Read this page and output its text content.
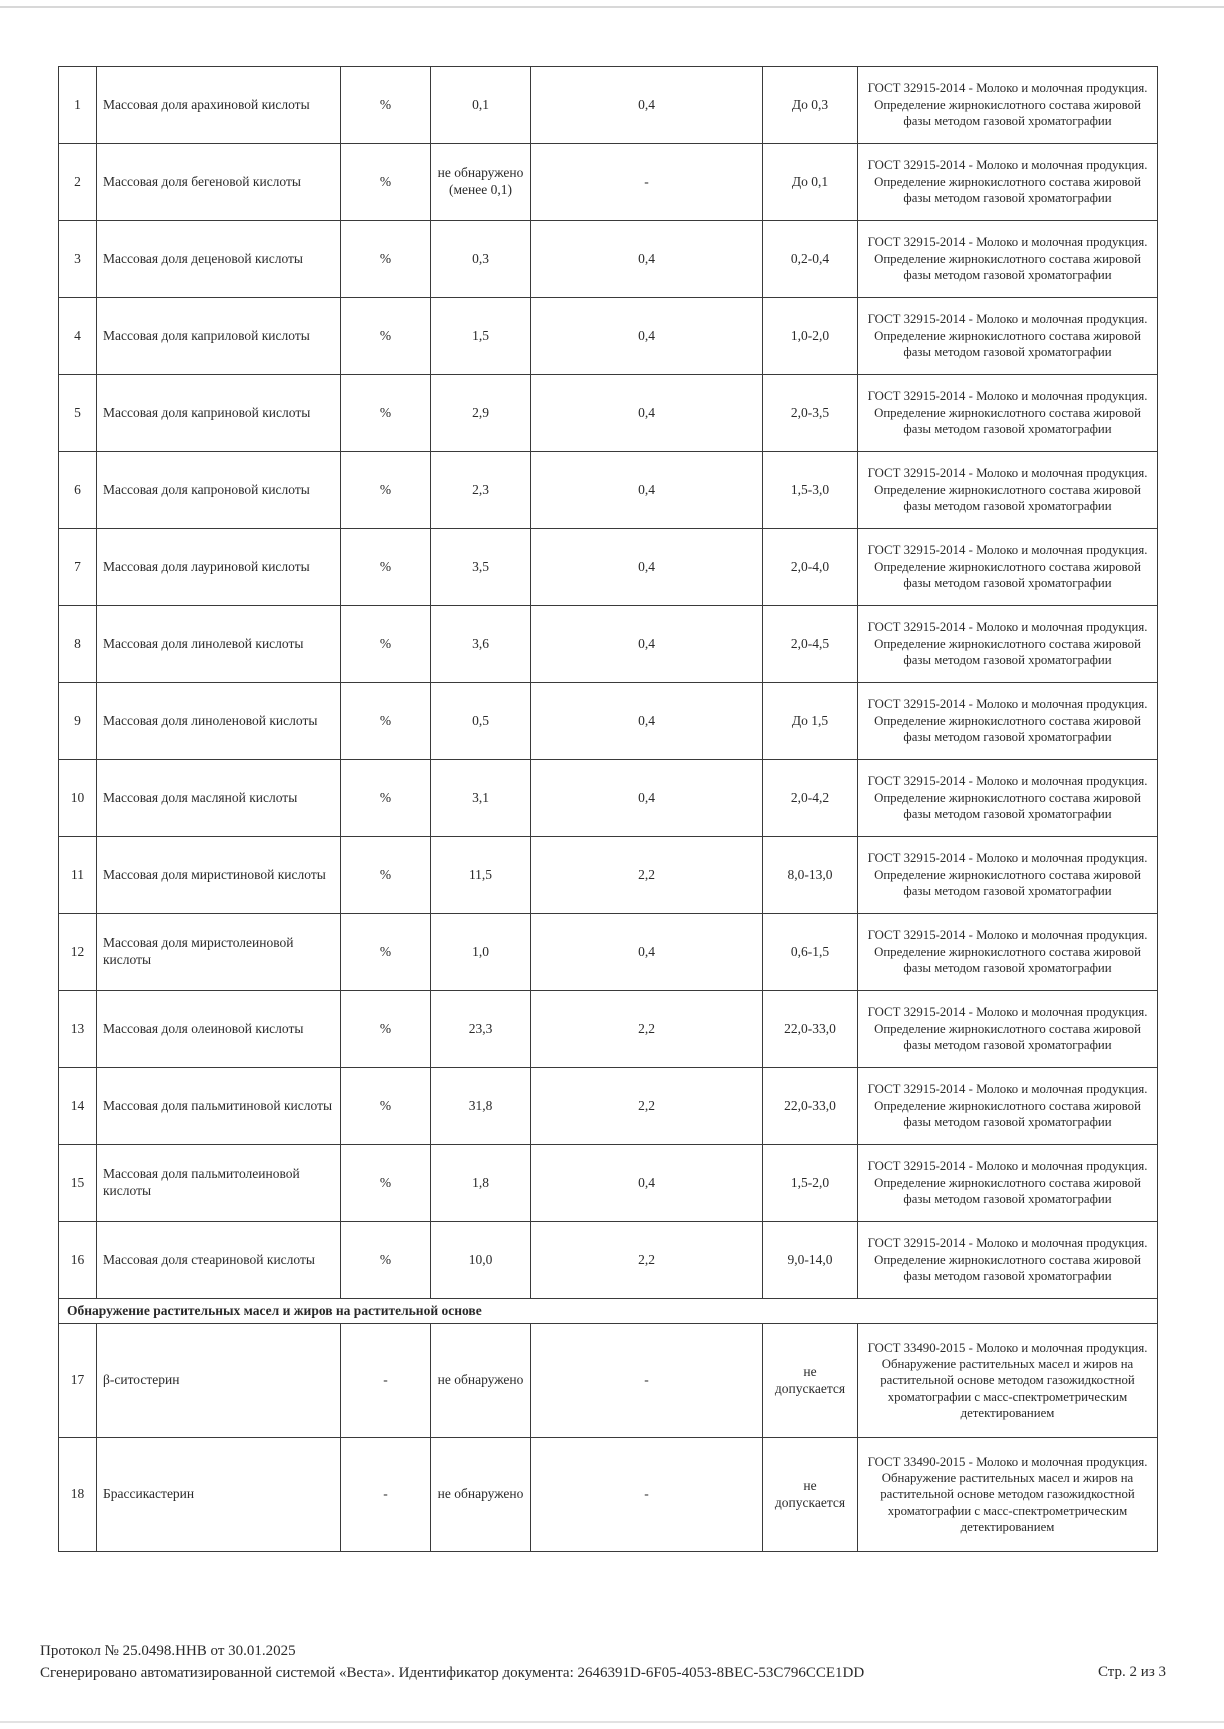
1	Массовая доля арахиновой кислоты	%	0,1	0,4	До 0,3	ГОСТ 32915-2014 - Молоко и молочная продукция. Определение жирнокислотного состава жировой фазы методом газовой хроматографии
2	Массовая доля бегеновой кислоты	%	не обнаружено (менее 0,1)	-	До 0,1	ГОСТ 32915-2014 - Молоко и молочная продукция. Определение жирнокислотного состава жировой фазы методом газовой хроматографии
3	Массовая доля деценовой кислоты	%	0,3	0,4	0,2-0,4	ГОСТ 32915-2014 - Молоко и молочная продукция. Определение жирнокислотного состава жировой фазы методом газовой хроматографии
4	Массовая доля каприловой кислоты	%	1,5	0,4	1,0-2,0	ГОСТ 32915-2014 - Молоко и молочная продукция. Определение жирнокислотного состава жировой фазы методом газовой хроматографии
5	Массовая доля каприновой кислоты	%	2,9	0,4	2,0-3,5	ГОСТ 32915-2014 - Молоко и молочная продукция. Определение жирнокислотного состава жировой фазы методом газовой хроматографии
6	Массовая доля капроновой кислоты	%	2,3	0,4	1,5-3,0	ГОСТ 32915-2014 - Молоко и молочная продукция. Определение жирнокислотного состава жировой фазы методом газовой хроматографии
7	Массовая доля лауриновой кислоты	%	3,5	0,4	2,0-4,0	ГОСТ 32915-2014 - Молоко и молочная продукция. Определение жирнокислотного состава жировой фазы методом газовой хроматографии
8	Массовая доля линолевой кислоты	%	3,6	0,4	2,0-4,5	ГОСТ 32915-2014 - Молоко и молочная продукция. Определение жирнокислотного состава жировой фазы методом газовой хроматографии
9	Массовая доля линоленовой кислоты	%	0,5	0,4	До 1,5	ГОСТ 32915-2014 - Молоко и молочная продукция. Определение жирнокислотного состава жировой фазы методом газовой хроматографии
10	Массовая доля масляной кислоты	%	3,1	0,4	2,0-4,2	ГОСТ 32915-2014 - Молоко и молочная продукция. Определение жирнокислотного состава жировой фазы методом газовой хроматографии
11	Массовая доля миристиновой кислоты	%	11,5	2,2	8,0-13,0	ГОСТ 32915-2014 - Молоко и молочная продукция. Определение жирнокислотного состава жировой фазы методом газовой хроматографии
12	Массовая доля миристолеиновой кислоты	%	1,0	0,4	0,6-1,5	ГОСТ 32915-2014 - Молоко и молочная продукция. Определение жирнокислотного состава жировой фазы методом газовой хроматографии
13	Массовая доля олеиновой кислоты	%	23,3	2,2	22,0-33,0	ГОСТ 32915-2014 - Молоко и молочная продукция. Определение жирнокислотного состава жировой фазы методом газовой хроматографии
14	Массовая доля пальмитиновой кислоты	%	31,8	2,2	22,0-33,0	ГОСТ 32915-2014 - Молоко и молочная продукция. Определение жирнокислотного состава жировой фазы методом газовой хроматографии
15	Массовая доля пальмитолеиновой кислоты	%	1,8	0,4	1,5-2,0	ГОСТ 32915-2014 - Молоко и молочная продукция. Определение жирнокислотного состава жировой фазы методом газовой хроматографии
16	Массовая доля стеариновой кислоты	%	10,0	2,2	9,0-14,0	ГОСТ 32915-2014 - Молоко и молочная продукция. Определение жирнокислотного состава жировой фазы методом газовой хроматографии
Обнаружение растительных масел и жиров на растительной основе						
17	β-ситостерин	-	не обнаружено	-	не допускается	ГОСТ 33490-2015 - Молоко и молочная продукция. Обнаружение растительных масел и жиров на растительной основе методом газожидкостной хроматографии с масс-спектрометрическим детектированием
18	Брассикастерин	-	не обнаружено	-	не допускается	ГОСТ 33490-2015 - Молоко и молочная продукция. Обнаружение растительных масел и жиров на растительной основе методом газожидкостной хроматографии с масс-спектрометрическим детектированием
Протокол № 25.0498.ННВ от 30.01.2025
Сгенерировано автоматизированной системой «Веста». Идентификатор документа: 2646391D-6F05-4053-8BEC-53C796CCE1DD	Стр. 2 из 3
